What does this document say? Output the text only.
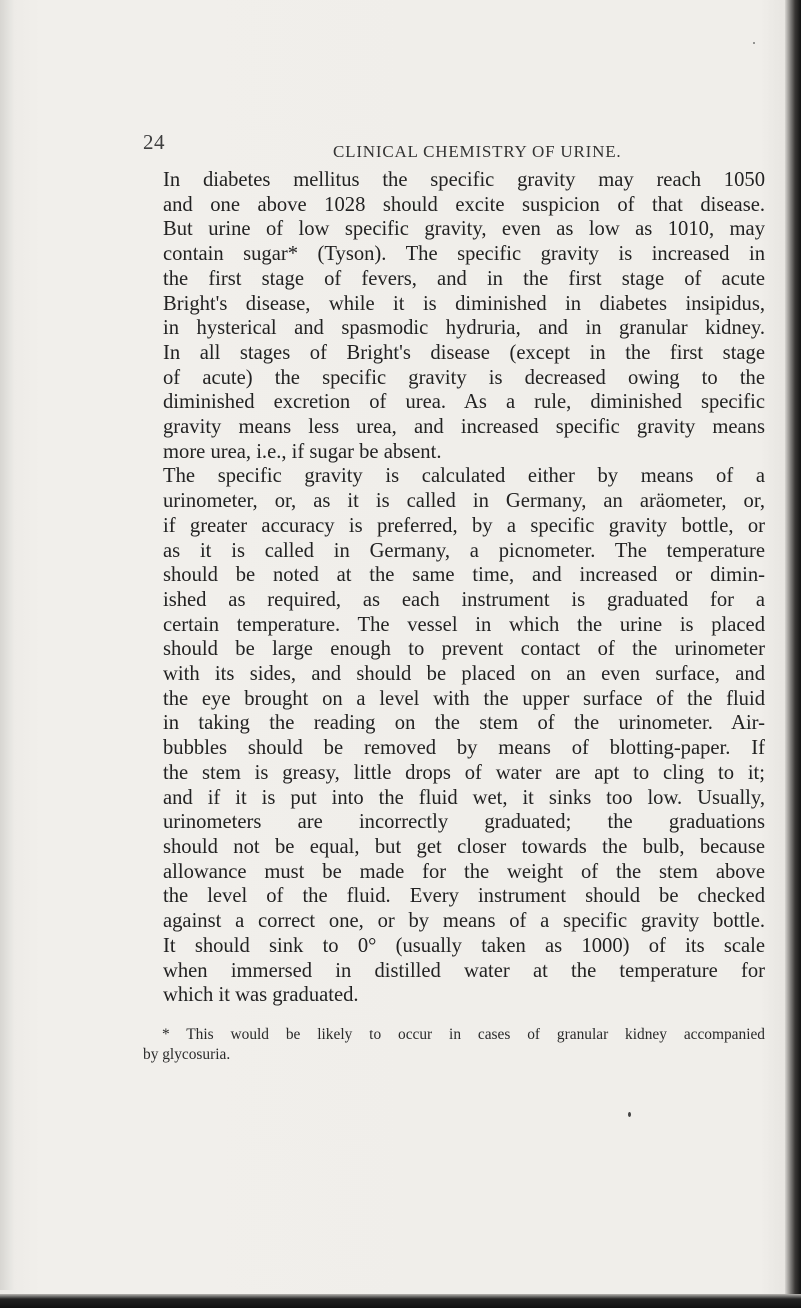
24	CLINICAL CHEMISTRY OF URINE.

In diabetes mellitus the specific gravity may reach 1050
and one above 1028 should excite suspicion of that disease.
But urine of low specific gravity, even as low as 1010, may
contain sugar* (Tyson). The specific gravity is increased in
the first stage of fevers, and in the first stage of acute
Bright's disease, while it is diminished in diabetes insipidus,
in hysterical and spasmodic hydruria, and in granular kidney.
In all stages of Bright's disease (except in the first stage
of acute) the specific gravity is decreased owing to the
diminished excretion of urea. As a rule, diminished specific
gravity means less urea, and increased specific gravity means
more urea, i.e., if sugar be absent.

The specific gravity is calculated either by means of a
urinometer, or, as it is called in Germany, an aräometer, or,
if greater accuracy is preferred, by a specific gravity bottle, or
as it is called in Germany, a picnometer. The temperature
should be noted at the same time, and increased or dimin-
ished as required, as each instrument is graduated for a
certain temperature. The vessel in which the urine is placed
should be large enough to prevent contact of the urinometer
with its sides, and should be placed on an even surface, and
the eye brought on a level with the upper surface of the fluid
in taking the reading on the stem of the urinometer. Air-
bubbles should be removed by means of blotting-paper. If
the stem is greasy, little drops of water are apt to cling to it;
and if it is put into the fluid wet, it sinks too low. Usually,
urinometers are incorrectly graduated; the graduations
should not be equal, but get closer towards the bulb, because
allowance must be made for the weight of the stem above
the level of the fluid. Every instrument should be checked
against a correct one, or by means of a specific gravity bottle.
It should sink to 0° (usually taken as 1000) of its scale
when immersed in distilled water at the temperature for
which it was graduated.

* This would be likely to occur in cases of granular kidney accompanied
by glycosuria.
